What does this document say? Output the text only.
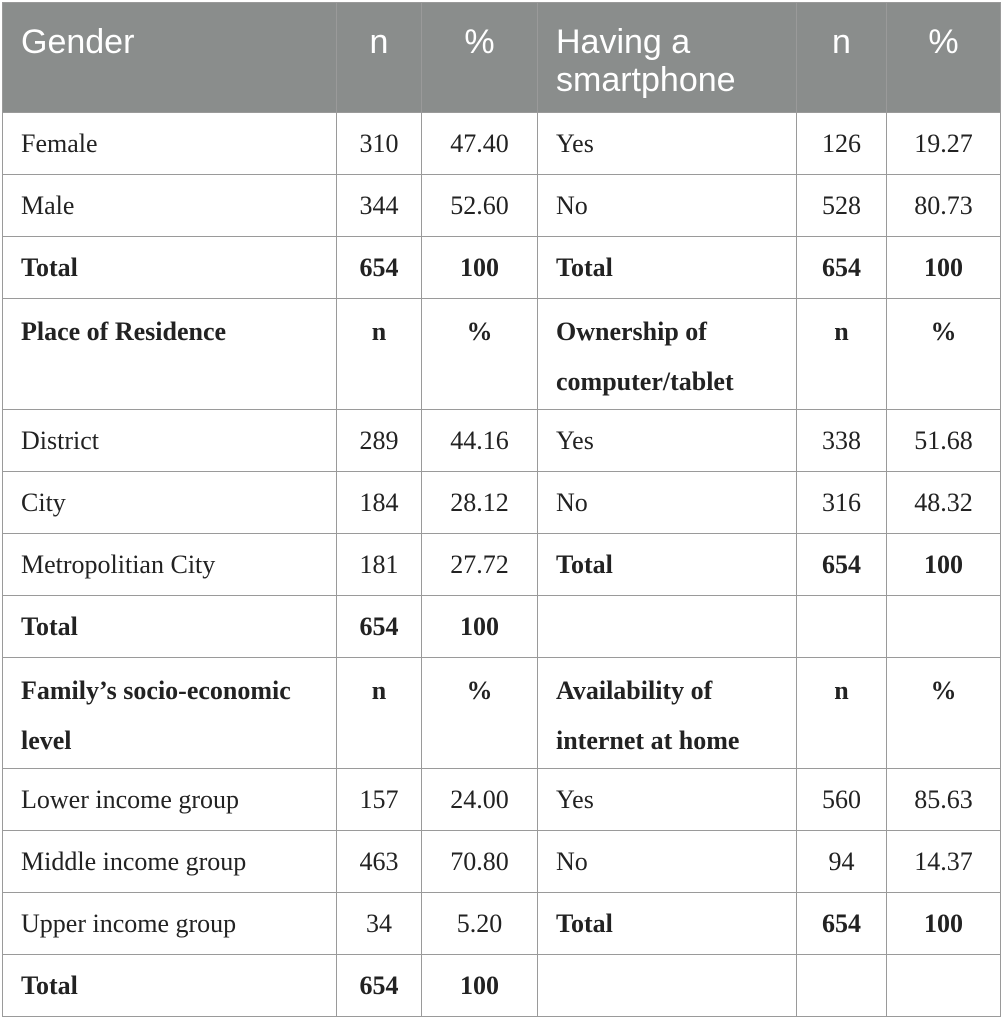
Gender	n	%	Having a smartphone	n	%
Female	310	47.40	Yes	126	19.27
Male	344	52.60	No	528	80.73
Total	654	100	Total	654	100
Place of Residence	n	%	Ownership of computer/tablet	n	%
District	289	44.16	Yes	338	51.68
City	184	28.12	No	316	48.32
Metropolitian City	181	27.72	Total	654	100
Total	654	100			
Family’s socio-economic level	n	%	Availability of internet at home	n	%
Lower income group	157	24.00	Yes	560	85.63
Middle income group	463	70.80	No	94	14.37
Upper income group	34	5.20	Total	654	100
Total	654	100			
